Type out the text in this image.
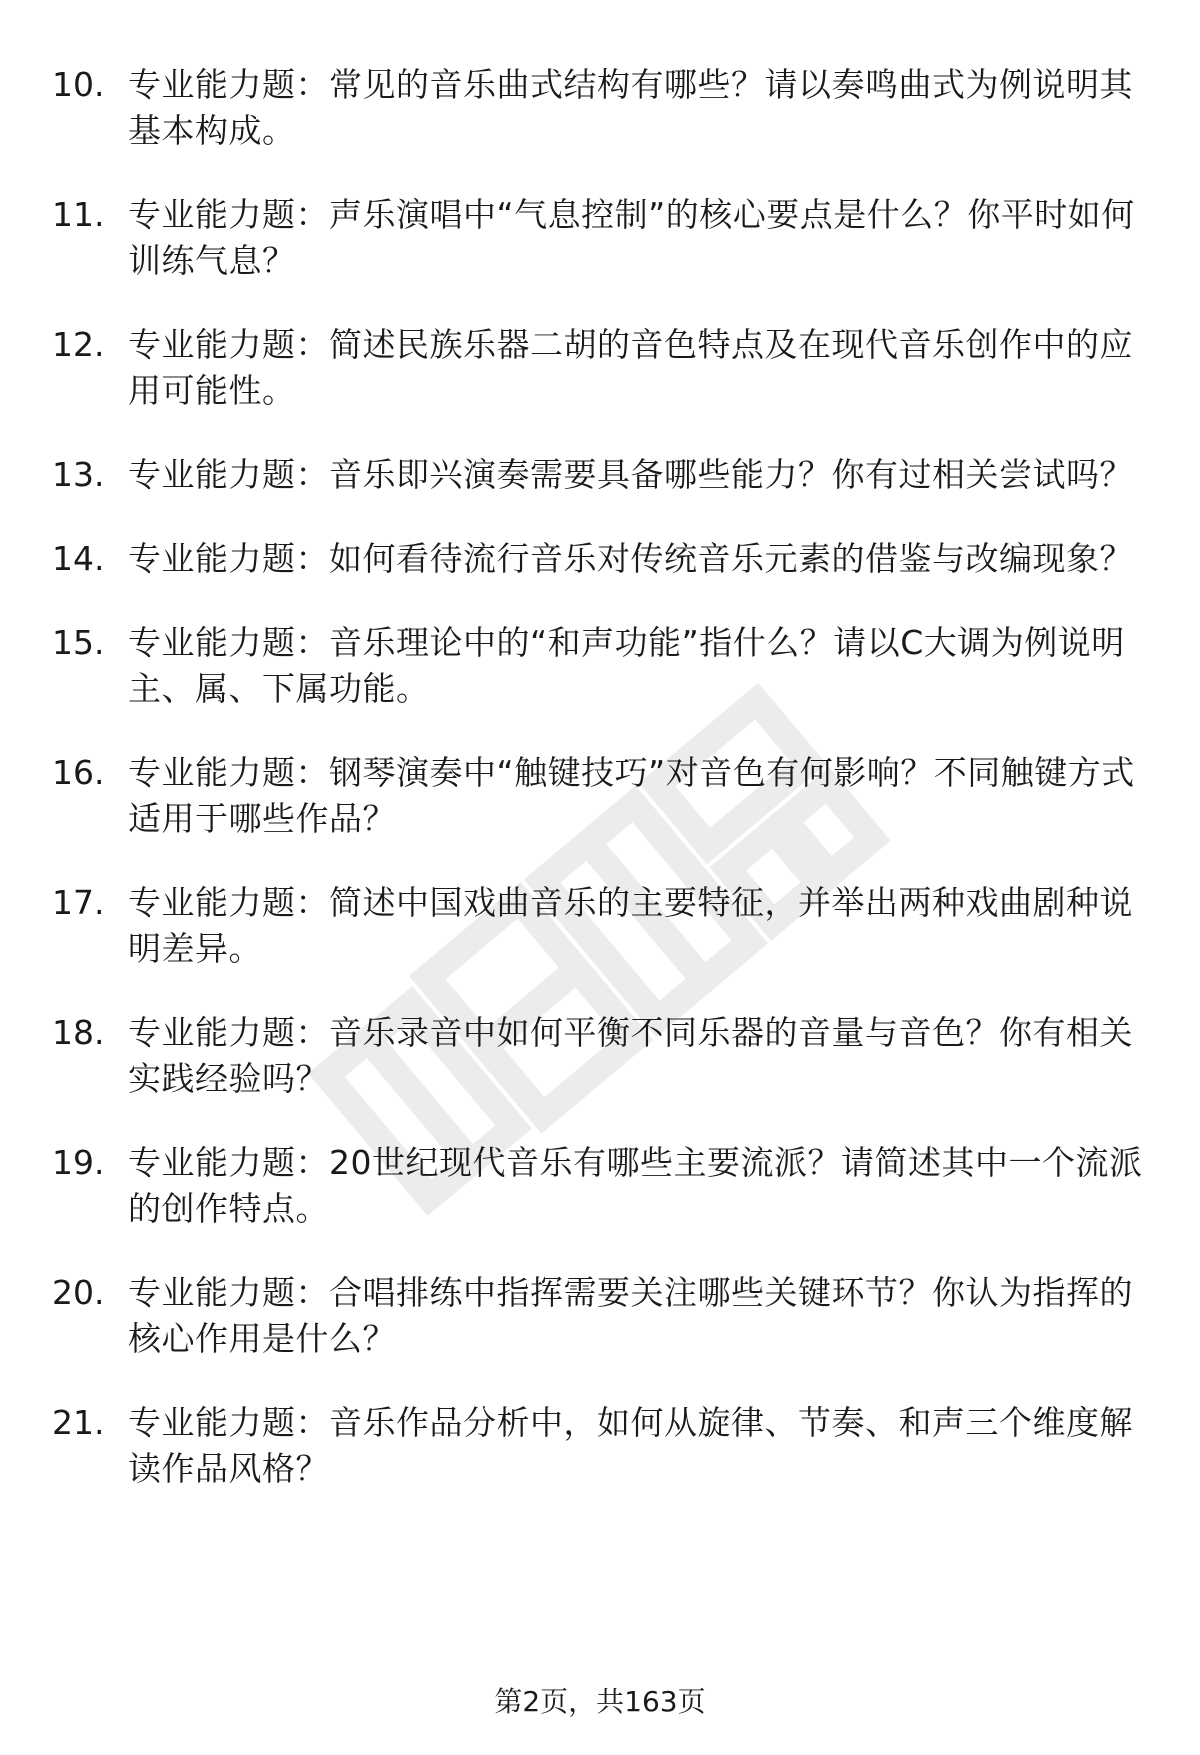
10. 专业能力题：常见的音乐曲式结构有哪些？请以奏鸣曲式为例说明其基本构成。
11. 专业能力题：声乐演唱中“气息控制”的核心要点是什么？你平时如何训练气息？
12. 专业能力题：简述民族乐器二胡的音色特点及在现代音乐创作中的应用可能性。
13. 专业能力题：音乐即兴演奏需要具备哪些能力？你有过相关尝试吗？
14. 专业能力题：如何看待流行音乐对传统音乐元素的借鉴与改编现象？
15. 专业能力题：音乐理论中的“和声功能”指什么？请以C大调为例说明主、属、下属功能。
16. 专业能力题：钢琴演奏中“触键技巧”对音色有何影响？不同触键方式适用于哪些作品？
17. 专业能力题：简述中国戏曲音乐的主要特征，并举出两种戏曲剧种说明差异。
18. 专业能力题：音乐录音中如何平衡不同乐器的音量与音色？你有相关实践经验吗？
19. 专业能力题：20世纪现代音乐有哪些主要流派？请简述其中一个流派的创作特点。
20. 专业能力题：合唱排练中指挥需要关注哪些关键环节？你认为指挥的核心作用是什么？
21. 专业能力题：音乐作品分析中，如何从旋律、节奏、和声三个维度解读作品风格？
第2页，共163页
